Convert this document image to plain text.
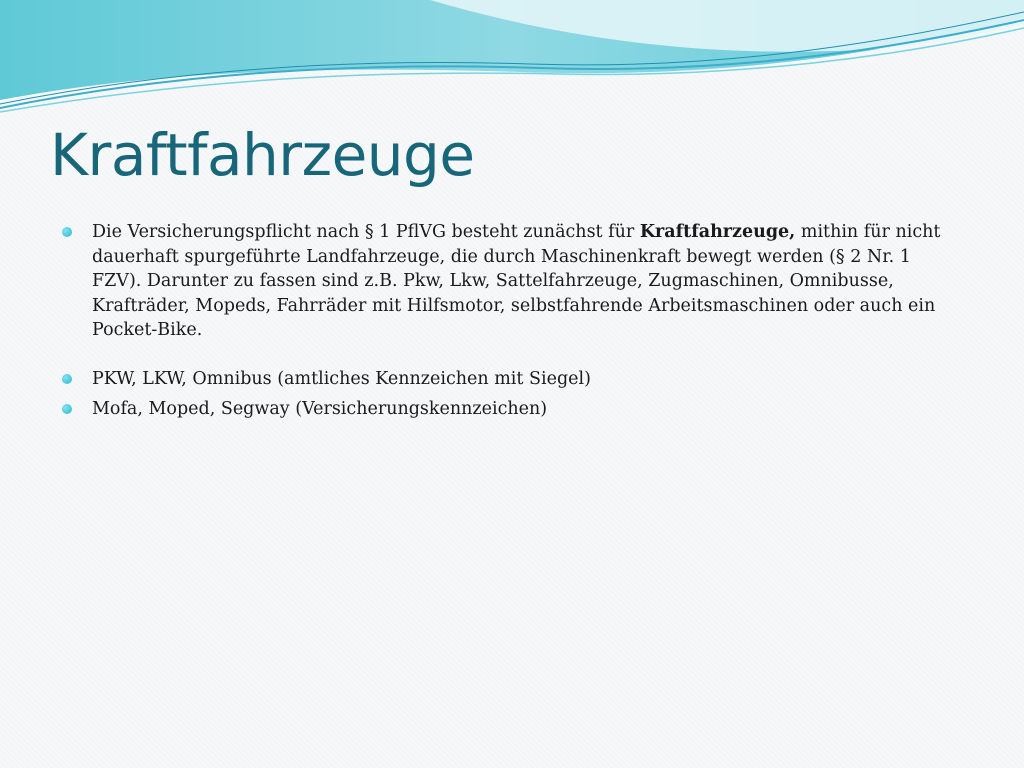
Kraftfahrzeuge

Die Versicherungspflicht nach § 1 PflVG besteht zunächst für Kraftfahrzeuge, mithin für nicht dauerhaft spurgeführte Landfahrzeuge, die durch Maschinenkraft bewegt werden (§ 2 Nr. 1 FZV). Darunter zu fassen sind z.B. Pkw, Lkw, Sattelfahrzeuge, Zugmaschinen, Omnibusse, Krafträder, Mopeds, Fahrräder mit Hilfsmotor, selbstfahrende Arbeitsmaschinen oder auch ein Pocket-Bike.

PKW, LKW, Omnibus (amtliches Kennzeichen mit Siegel)

Mofa, Moped, Segway (Versicherungskennzeichen)
